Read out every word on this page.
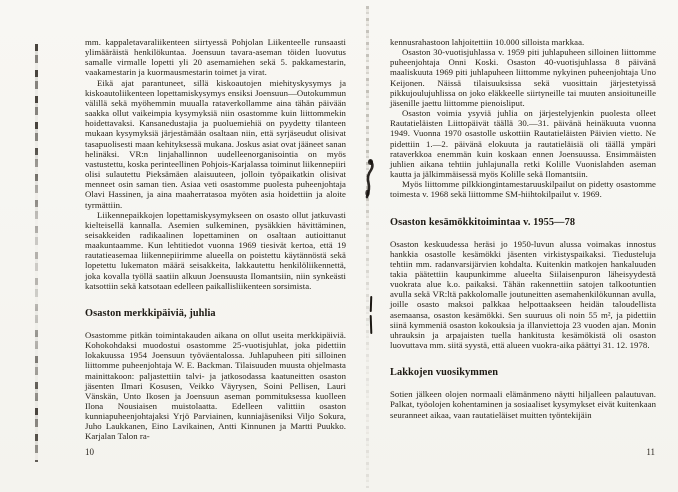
mm. kappaletavaraliikenteen siirtyessä Pohjolan Liikenteelle runsaasti ylimääräistä henkilökuntaa. Joensuun tavara-aseman töiden luovutus samalle virmalle lopetti yli 20 asemamiehen sekä 5. pakkamestarin, vaakamestarin ja kuormausmestarin toimet ja virat.

Eikä ajat parantuneet, sillä kiskoautojen miehityskysymys ja kiskoautoliikenteen lopettamiskysymys ensiksi Joensuun—Outokummun välillä sekä myöhemmin muualla rataverkollamme aina tähän päivään saakka ollut vaikeimpia kysymyksiä niin osastomme kuin liittommekin hoidettavaksi. Kansanedustajia ja puoluemiehiä on pyydetty tilanteen mukaan kysymyksiä järjestämään osaltaan niin, että syrjäseudut olisivat tasapuolisesti maan kehityksessä mukana. Joskus asiat ovat jääneet sanan helinäksi. VR:n linjahallinnon uudelleenorganisointia on myös vastustettu, koska perinteellinen Pohjois-Karjalassa toiminut liikennepiiri olisi sulautettu Pieksämäen alaisuuteen, jolloin työpaikatkin olisivat menneet osin saman tien. Asiaa veti osastomme puolesta puheenjohtaja Olavi Hassinen, ja aina maaherratasoa myöten asia hoidettiin ja aloite tyrmättiin.

Liikennepaikkojen lopettamiskysymykseen on osasto ollut jatkuvasti kielteisellä kannalla. Asemien sulkeminen, pysäkkien hävittäminen, seisakkeiden radikaalinen lopettaminen on osaltaan autioittanut maakuntaamme. Kun lehtitiedot vuonna 1969 tiesivät kertoa, että 19 rautatieasemaa liikennepiirimme alueella on poistettu käytännöstä sekä lopetettu lukematon määrä seisakkeita, lakkautettu henkilöliikennettä, joka kovalla työllä saatiin alkuun Joensuusta Ilomantsiin, niin synkeästi katsottiin sekä katsotaan edelleen paikallisliikenteen sorsimista.

Osaston merkkipäiviä, juhlia

Osastomme pitkän toimintakauden aikana on ollut useita merkkipäiviä. Kohokohdaksi muodostui osastomme 25-vuotisjuhlat, joka pidettiin lokakuussa 1954 Joensuun työväentalossa. Juhlapuheen piti silloinen liittomme puheenjohtaja W. E. Backman. Tilaisuuden muusta ohjelmasta mainittakoon: paljastettiin talvi- ja jatkosodassa kaatuneitten osaston jäsenten Ilmari Kosusen, Veikko Väyrysen, Soini Pellisen, Lauri Vänskän, Unto Ikosen ja Joensuun aseman pommituksessa kuolleen Ilona Nousiaisen muistolaatta. Edelleen valittiin osaston kunniapuheenjohtajaksi Yrjö Parviainen, kunniajäseniksi Viljo Sokura, Juho Laukkanen, Eino Lavikainen, Antti Kinnunen ja Martti Puukko. Karjalan Talon ra-

10

kennusrahastoon lahjoitettiin 10.000 silloista markkaa.

Osaston 30-vuotisjuhlassa v. 1959 piti juhlapuheen silloinen liittomme puheenjohtaja Onni Koski. Osaston 40-vuotisjuhlassa 8 päivänä maaliskuuta 1969 piti juhlapuheen liittomme nykyinen puheenjohtaja Uno Keijonen. Näissä tilaisuuksissa sekä vuosittain järjestetyissä pikkujoulujuhlissa on joko eläkkeelle siirtyneille tai muuten ansioituneille jäsenille jaettu liittomme pienoisliput.

Osaston voimia ysyviä juhlia on järjestelyjenkin puolesta olleet Rautatieläisten Liittopäivät täällä 30.—31. päivänä heinäkuuta vuonna 1949. Vuonna 1970 osastolle uskottiin Rautatieläisten Päivien vietto. Ne pidettiin 1.—2. päivänä elokuuta ja rautatieläisiä oli täällä ympäri rataverkkoa enemmän kuin koskaan ennen Joensuussa. Ensimmäisten juhlien aikana tehtiin juhlajunalla retki Kolille Vuonislahden aseman kautta ja jälkimmäisessä myös Kolille sekä Ilomantsiin.

Myös liittomme pilkkiongintamestaruuskilpailut on pidetty osastomme toimesta v. 1968 sekä liittomme SM-hiihtokilpailut v. 1969.

Osaston kesämökkitoimintaa v. 1955—78

Osaston keskuudessa heräsi jo 1950-luvun alussa voimakas innostus hankkia osastolle kesämökki jäsenten virkistyspaikaksi. Tiedusteluja tehtiin mm. radanvarsijärvien kohdalta. Kuitenkin matkojen hankaluuden takia päätettiin kaupunkimme alueelta Siilaisenpuron läheisyydestä vuokrata alue k.o. paikaksi. Tähän rakennettiin satojen talkootuntien avulla sekä VR:ltä pakkolomalle joutuneitten asemahenkilökunnan avulla, joille osasto maksoi palkkaa helpottaakseen heidän taloudellista asemaansa, osaston kesämökki. Sen suuruus oli noin 55 m², ja pidettiin siinä kymmeniä osaston kokouksia ja illanviettoja 23 vuoden ajan. Monin uhrauksin ja arpajaisten tuella hankitusta kesämökistä oli osaston luovuttava mm. siitä syystä, että alueen vuokra-aika päättyi 31. 12. 1978.

Lakkojen vuosikymmen

Sotien jälkeen olojen normaali elämänmeno näytti hiljalleen palautuvan. Palkat, työolojen kohentaminen ja sosiaaliset kysymykset eivät kuitenkaan seuranneet aikaa, vaan rautatieläiset muitten työntekijäin

11
